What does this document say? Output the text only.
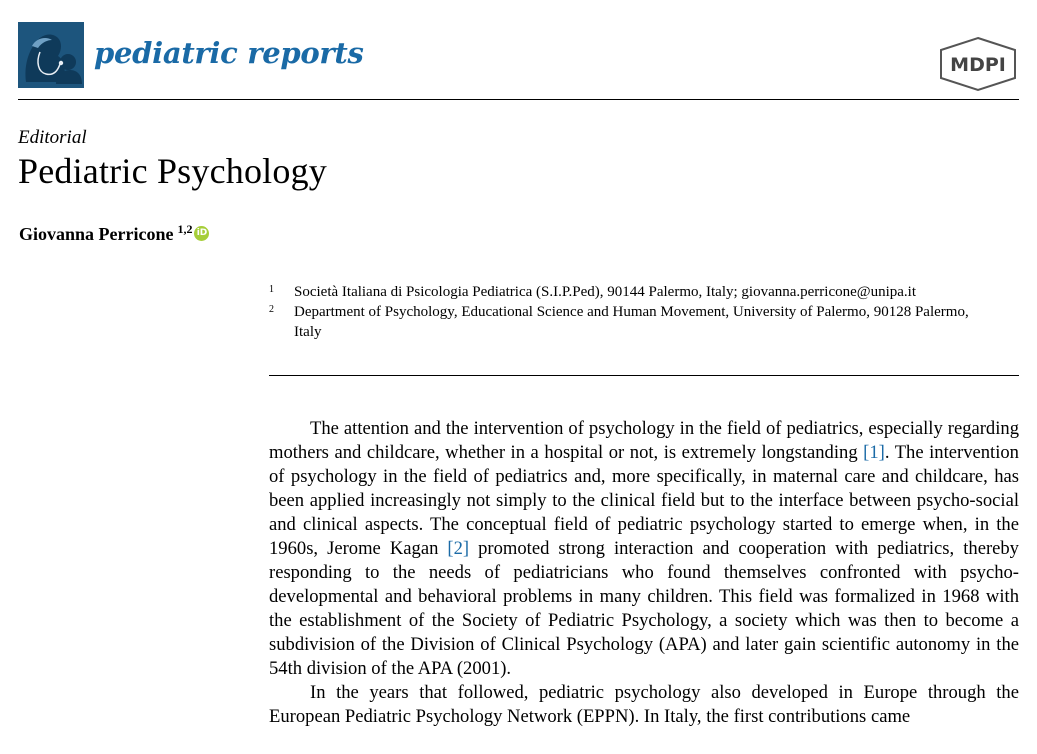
pediatric reports	MDPI
Editorial
Pediatric Psychology
Giovanna Perricone $^{1,2}$ iD
1	Società Italiana di Psicologia Pediatrica (S.I.P.Ped), 90144 Palermo, Italy; giovanna.perricone@unipa.it
2	Department of Psychology, Educational Science and Human Movement, University of Palermo, 90128 Palermo, Italy

The attention and the intervention of psychology in the field of pediatrics, especially regarding mothers and childcare, whether in a hospital or not, is extremely longstanding [1]. The intervention of psychology in the field of pediatrics and, more specifically, in maternal care and childcare, has been applied increasingly not simply to the clinical field but to the interface between psycho-social and clinical aspects. The conceptual field of pediatric psychology started to emerge when, in the 1960s, Jerome Kagan [2] promoted strong interaction and cooperation with pediatrics, thereby responding to the needs of pediatricians who found themselves confronted with psycho-developmental and behavioral problems in many children. This field was formalized in 1968 with the establishment of the Society of Pediatric Psychology, a society which was then to become a subdivision of the Division of Clinical Psychology (APA) and later gain scientific autonomy in the 54th division of the APA (2001).

In the years that followed, pediatric psychology also developed in Europe through the European Pediatric Psychology Network (EPPN). In Italy, the first contributions came
